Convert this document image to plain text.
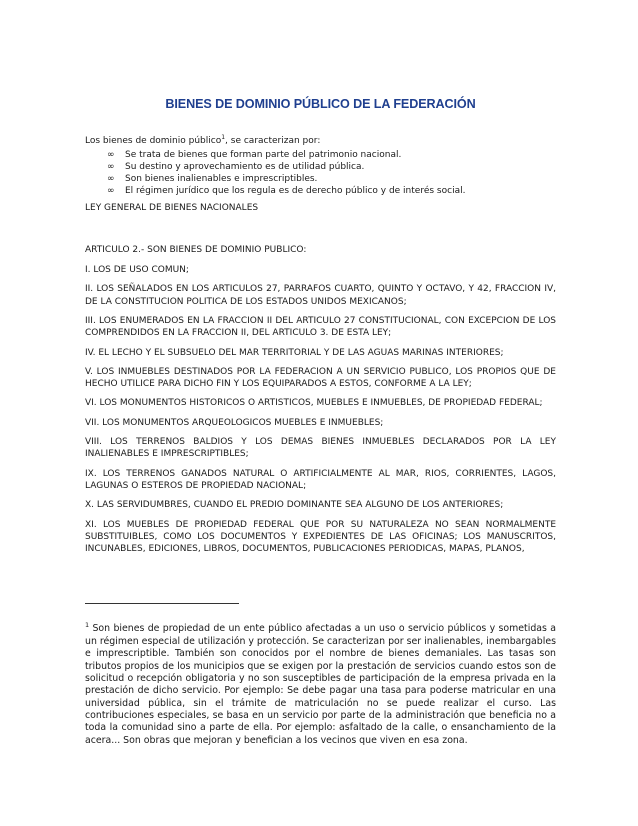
BIENES DE DOMINIO PÚBLICO DE LA FEDERACIÓN

Los bienes de dominio público$^1$, se caracterizan por:

∞ Se trata de bienes que forman parte del patrimonio nacional.
∞ Su destino y aprovechamiento es de utilidad pública.
∞ Son bienes inalienables e imprescriptibles.
∞ El régimen jurídico que los regula es de derecho público y de interés social.

LEY GENERAL DE BIENES NACIONALES

ARTICULO 2.- SON BIENES DE DOMINIO PUBLICO:

I. LOS DE USO COMUN;

II. LOS SEÑALADOS EN LOS ARTICULOS 27, PARRAFOS CUARTO, QUINTO Y OCTAVO, Y 42, FRACCION IV, DE LA CONSTITUCION POLITICA DE LOS ESTADOS UNIDOS MEXICANOS;

III. LOS ENUMERADOS EN LA FRACCION II DEL ARTICULO 27 CONSTITUCIONAL, CON EXCEPCION DE LOS COMPRENDIDOS EN LA FRACCION II, DEL ARTICULO 3. DE ESTA LEY;

IV. EL LECHO Y EL SUBSUELO DEL MAR TERRITORIAL Y DE LAS AGUAS MARINAS INTERIORES;

V. LOS INMUEBLES DESTINADOS POR LA FEDERACION A UN SERVICIO PUBLICO, LOS PROPIOS QUE DE HECHO UTILICE PARA DICHO FIN Y LOS EQUIPARADOS A ESTOS, CONFORME A LA LEY;

VI. LOS MONUMENTOS HISTORICOS O ARTISTICOS, MUEBLES E INMUEBLES, DE PROPIEDAD FEDERAL;

VII. LOS MONUMENTOS ARQUEOLOGICOS MUEBLES E INMUEBLES;

VIII. LOS TERRENOS BALDIOS Y LOS DEMAS BIENES INMUEBLES DECLARADOS POR LA LEY INALIENABLES E IMPRESCRIPTIBLES;

IX. LOS TERRENOS GANADOS NATURAL O ARTIFICIALMENTE AL MAR, RIOS, CORRIENTES, LAGOS, LAGUNAS O ESTEROS DE PROPIEDAD NACIONAL;

X. LAS SERVIDUMBRES, CUANDO EL PREDIO DOMINANTE SEA ALGUNO DE LOS ANTERIORES;

XI. LOS MUEBLES DE PROPIEDAD FEDERAL QUE POR SU NATURALEZA NO SEAN NORMALMENTE SUBSTITUIBLES, COMO LOS DOCUMENTOS Y EXPEDIENTES DE LAS OFICINAS; LOS MANUSCRITOS, INCUNABLES, EDICIONES, LIBROS, DOCUMENTOS, PUBLICACIONES PERIODICAS, MAPAS, PLANOS,

$^1$ Son bienes de propiedad de un ente público afectadas a un uso o servicio públicos y sometidas a un régimen especial de utilización y protección. Se caracterizan por ser inalienables, inembargables e imprescriptible. También son conocidos por el nombre de bienes demaniales. Las tasas son tributos propios de los municipios que se exigen por la prestación de servicios cuando estos son de solicitud o recepción obligatoria y no son susceptibles de participación de la empresa privada en la prestación de dicho servicio. Por ejemplo: Se debe pagar una tasa para poderse matricular en una universidad pública, sin el trámite de matriculación no se puede realizar el curso. Las contribuciones especiales, se basa en un servicio por parte de la administración que beneficia no a toda la comunidad sino a parte de ella. Por ejemplo: asfaltado de la calle, o ensanchamiento de la acera... Son obras que mejoran y benefician a los vecinos que viven en esa zona.
